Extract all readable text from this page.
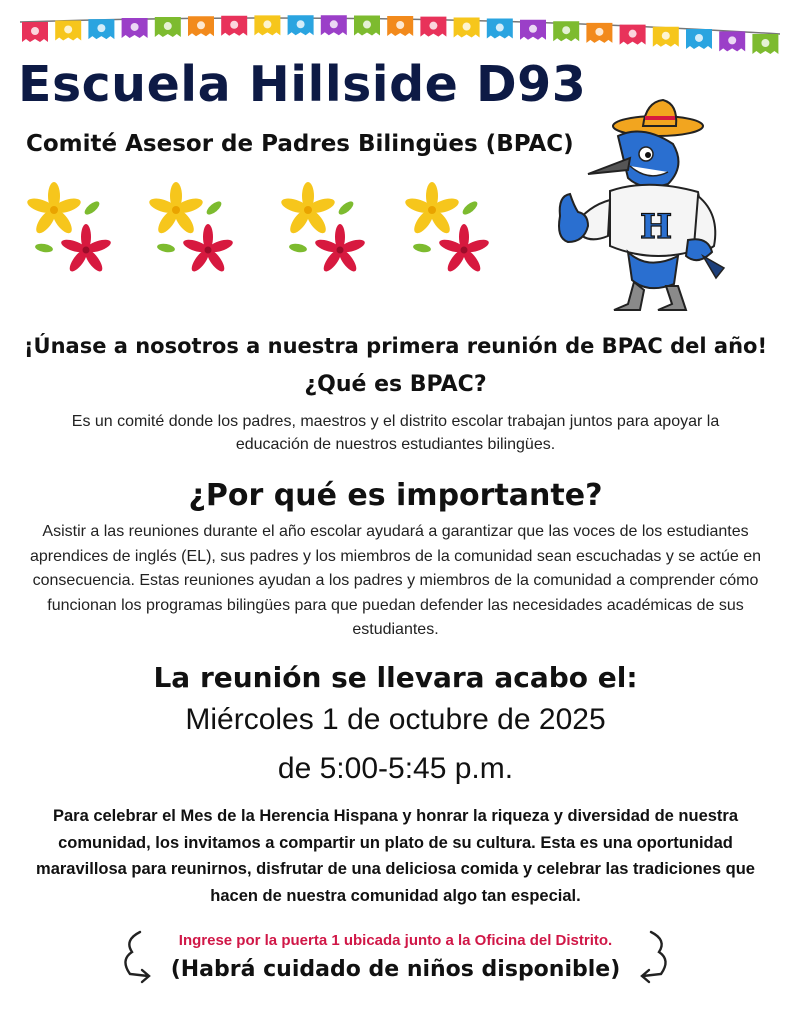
Escuela Hillside D93
Comité Asesor de Padres Bilingües (BPAC)
H

¡Únase a nosotros a nuestra primera reunión de BPAC del año!

¿Qué es BPAC?

Es un comité donde los padres, maestros y el distrito escolar trabajan juntos para apoyar la educación de nuestros estudiantes bilingües.

¿Por qué es importante?

Asistir a las reuniones durante el año escolar ayudará a garantizar que las voces de los estudiantes aprendices de inglés (EL), sus padres y los miembros de la comunidad sean escuchadas y se actúe en consecuencia. Estas reuniones ayudan a los padres y miembros de la comunidad a comprender cómo funcionan los programas bilingües para que puedan defender las necesidades académicas de sus estudiantes.

La reunión se llevara acabo el:

Miércoles 1 de octubre de 2025

de 5:00-5:45 p.m.

Para celebrar el Mes de la Herencia Hispana y honrar la riqueza y diversidad de nuestra comunidad, los invitamos a compartir un plato de su cultura. Esta es una oportunidad maravillosa para reunirnos, disfrutar de una deliciosa comida y celebrar las tradiciones que hacen de nuestra comunidad algo tan especial.

Ingrese por la puerta 1 ubicada junto a la Oficina del Distrito.

(Habrá cuidado de niños disponible)
